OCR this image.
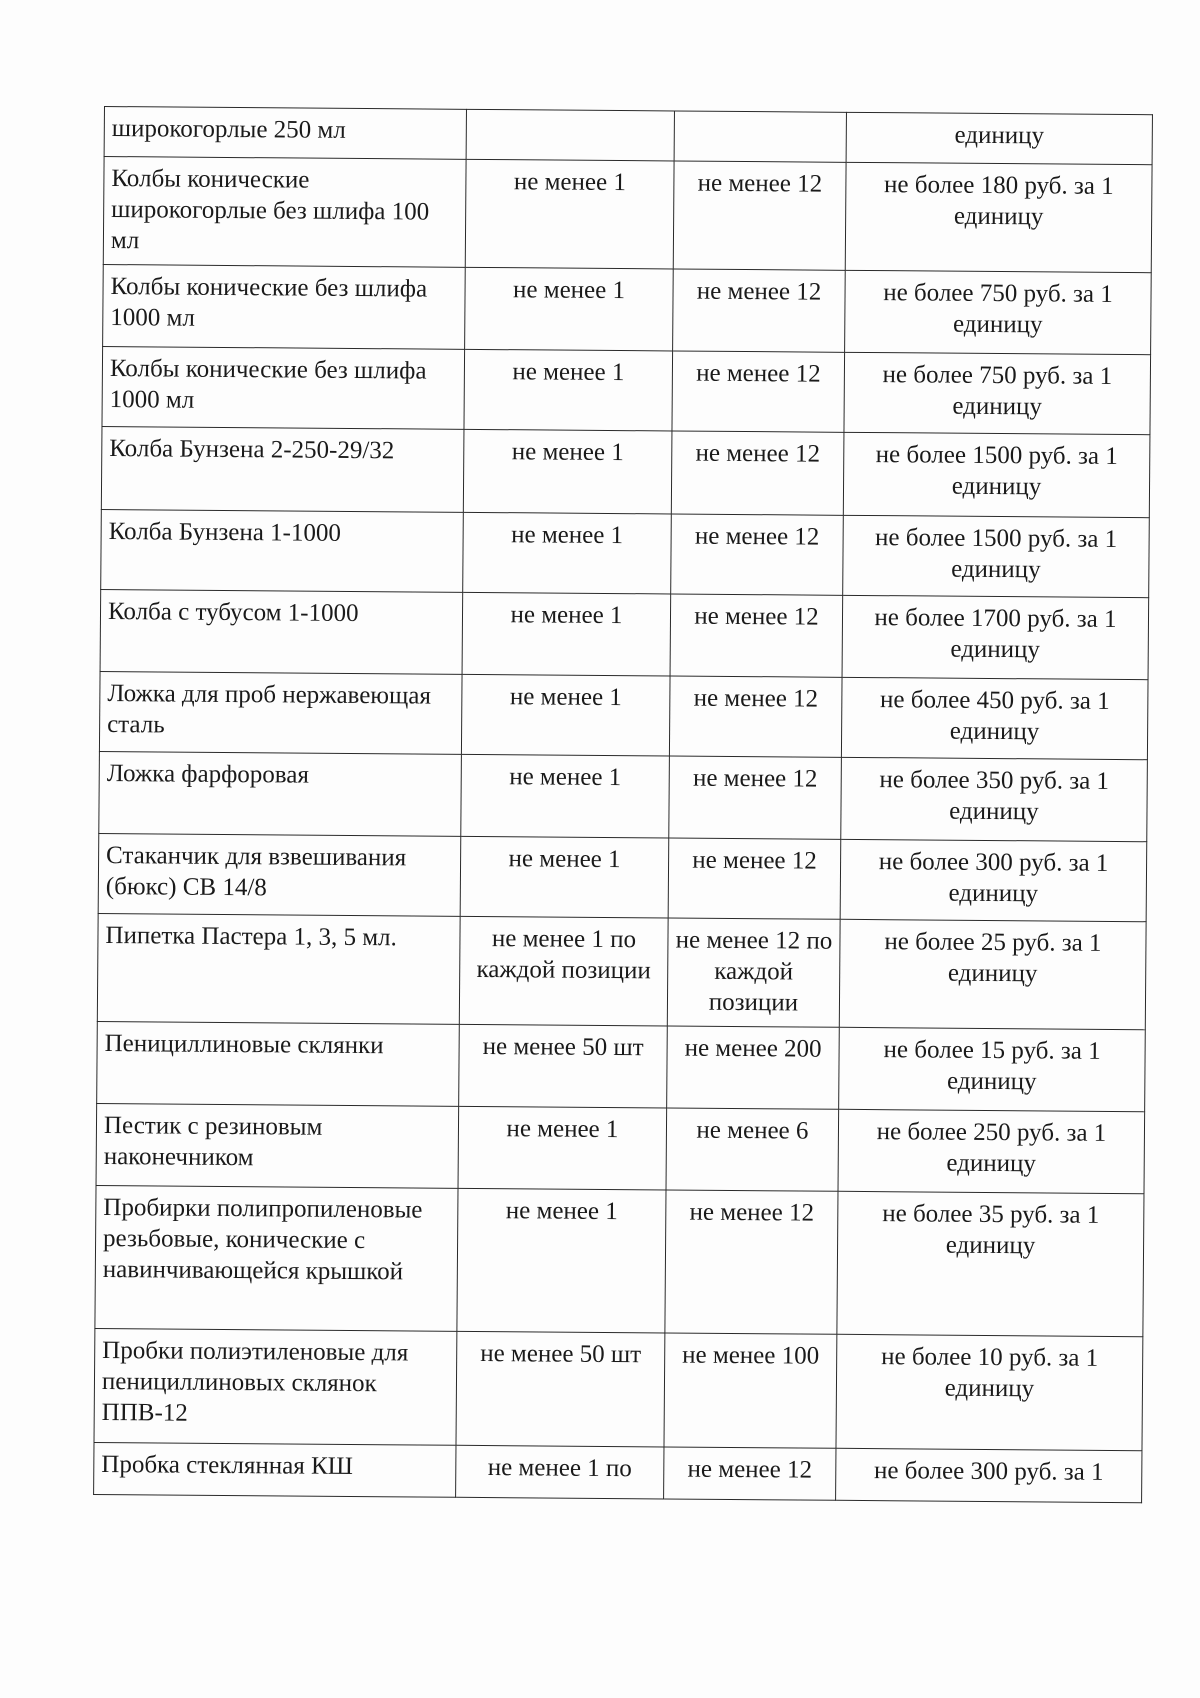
широкогорлые 250 мл			единицу
Колбы конические широкогорлые без шлифа 100 мл	не менее 1	не менее 12	не более 180 руб. за 1 единицу
Колбы конические без шлифа 1000 мл	не менее 1	не менее 12	не более 750 руб. за 1 единицу
Колбы конические без шлифа 1000 мл	не менее 1	не менее 12	не более 750 руб. за 1 единицу
Колба Бунзена 2-250-29/32	не менее 1	не менее 12	не более 1500 руб. за 1 единицу
Колба Бунзена 1-1000	не менее 1	не менее 12	не более 1500 руб. за 1 единицу
Колба с тубусом 1-1000	не менее 1	не менее 12	не более 1700 руб. за 1 единицу
Ложка для проб нержавеющая сталь	не менее 1	не менее 12	не более 450 руб. за 1 единицу
Ложка фарфоровая	не менее 1	не менее 12	не более 350 руб. за 1 единицу
Стаканчик для взвешивания (бюкс) СВ 14/8	не менее 1	не менее 12	не более 300 руб. за 1 единицу
Пипетка Пастера 1, 3, 5 мл.	не менее 1 по каждой позиции	не менее 12 по каждой позиции	не более 25 руб. за 1 единицу
Пенициллиновые склянки	не менее 50 шт	не менее 200	не более 15 руб. за 1 единицу
Пестик с резиновым наконечником	не менее 1	не менее 6	не более 250 руб. за 1 единицу
Пробирки полипропиленовые резьбовые, конические с навинчивающейся крышкой	не менее 1	не менее 12	не более 35 руб. за 1 единицу
Пробки полиэтиленовые для пенициллиновых склянок ППВ-12	не менее 50 шт	не менее 100	не более 10 руб. за 1 единицу
Пробка стеклянная КШ	не менее 1 по	не менее 12	не более 300 руб. за 1
